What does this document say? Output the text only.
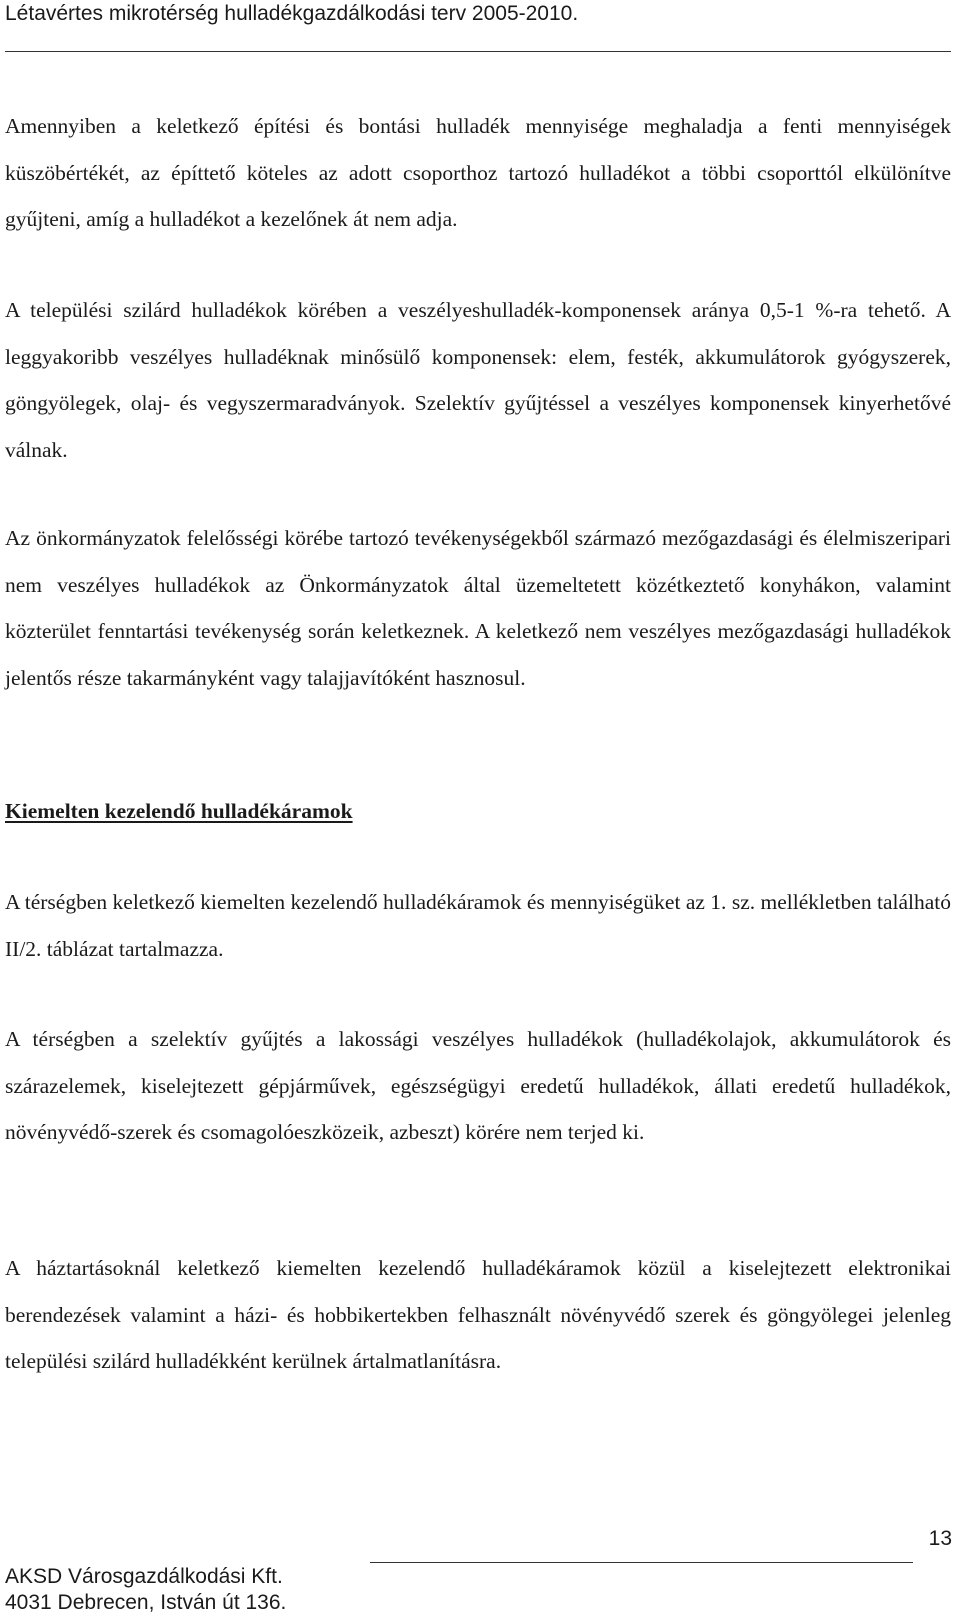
Létavértes mikrotérség hulladékgazdálkodási terv 2005-2010.

Amennyiben a keletkező építési és bontási hulladék mennyisége meghaladja a fenti mennyiségek küszöbértékét, az építtető köteles az adott csoporthoz tartozó hulladékot a többi csoporttól elkülönítve gyűjteni, amíg a hulladékot a kezelőnek át nem adja.

A települési szilárd hulladékok körében a veszélyeshulladék-komponensek aránya 0,5-1 %-ra tehető. A leggyakoribb veszélyes hulladéknak minősülő komponensek: elem, festék, akkumulátorok gyógyszerek, göngyölegek, olaj- és vegyszermaradványok. Szelektív gyűjtéssel a veszélyes komponensek kinyerhetővé válnak.

Az önkormányzatok felelősségi körébe tartozó tevékenységekből származó mezőgazdasági és élelmiszeripari nem veszélyes hulladékok az Önkormányzatok által üzemeltetett közétkeztető konyhákon, valamint közterület fenntartási tevékenység során keletkeznek. A keletkező nem veszélyes mezőgazdasági hulladékok jelentős része takarmányként vagy talajjavítóként hasznosul.

Kiemelten kezelendő hulladékáramok

A térségben keletkező kiemelten kezelendő hulladékáramok és mennyiségüket az 1. sz. mellékletben található II/2. táblázat tartalmazza.

A térségben a szelektív gyűjtés a lakossági veszélyes hulladékok (hulladékolajok, akkumulátorok és szárazelemek, kiselejtezett gépjárművek, egészségügyi eredetű hulladékok, állati eredetű hulladékok, növényvédő-szerek és csomagolóeszközeik, azbeszt) körére nem terjed ki.

A háztartásoknál keletkező kiemelten kezelendő hulladékáramok közül a kiselejtezett elektronikai berendezések valamint a házi- és hobbikertekben felhasznált növényvédő szerek és göngyölegei jelenleg települési szilárd hulladékként kerülnek ártalmatlanításra.

13
AKSD Városgazdálkodási Kft.
4031 Debrecen, István út 136.
